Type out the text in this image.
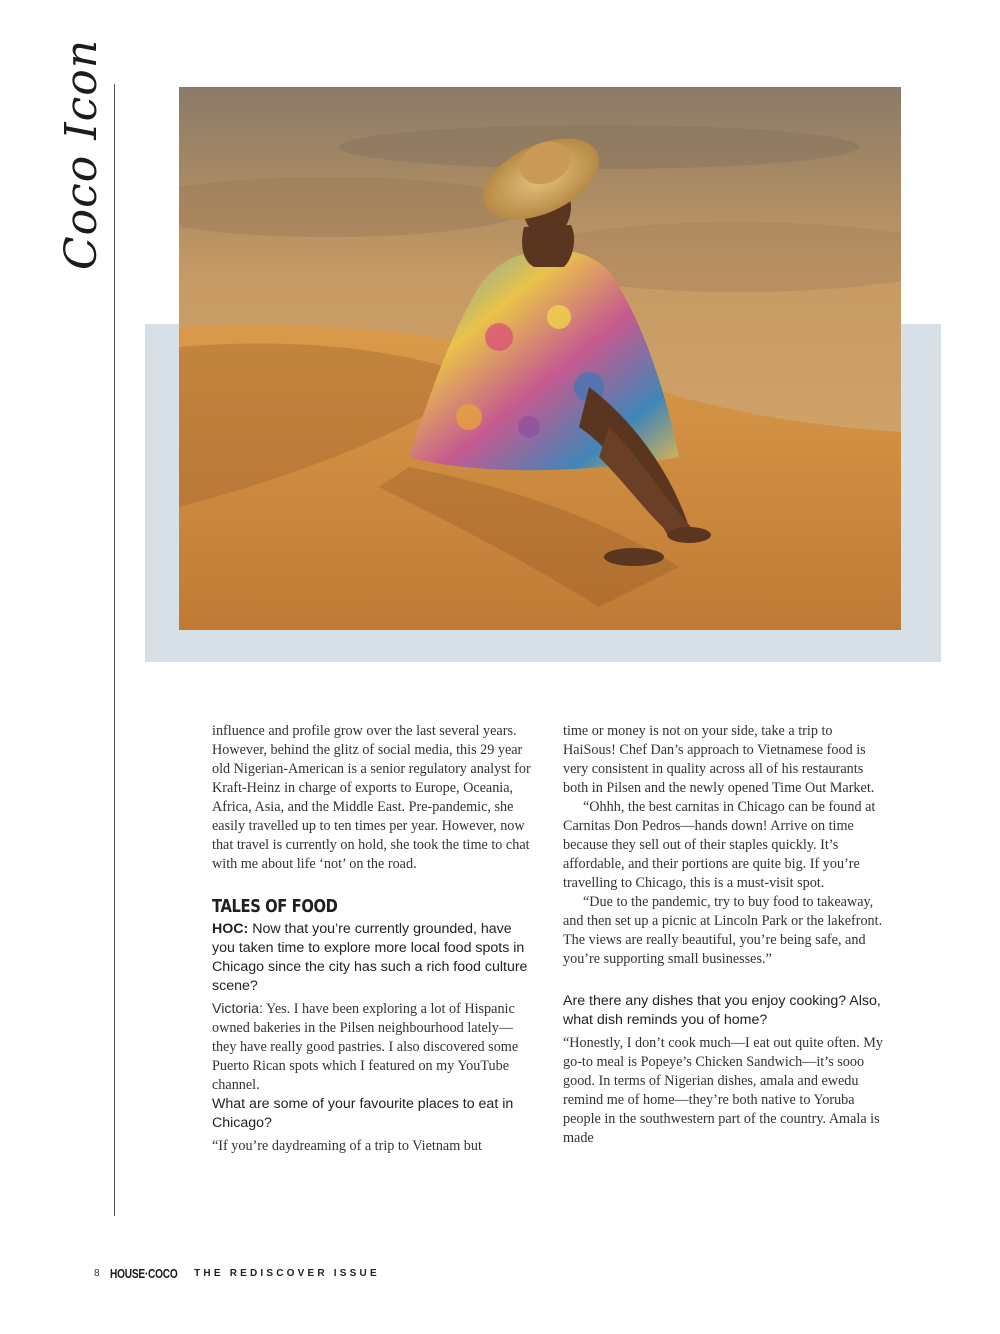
Coco Icon

influence and profile grow over the last several years. However, behind the glitz of social media, this 29 year old Nigerian-American is a senior regulatory analyst for Kraft-Heinz in charge of exports to Europe, Oceania, Africa, Asia, and the Middle East. Pre-pandemic, she easily travelled up to ten times per year. However, now that travel is currently on hold, she took the time to chat with me about life ‘not’ on the road.

TALES OF FOOD

HOC: Now that you’re currently grounded, have you taken time to explore more local food spots in Chicago since the city has such a rich food culture scene?

Victoria: Yes. I have been exploring a lot of Hispanic owned bakeries in the Pilsen neighbourhood lately—they have really good pastries. I also discovered some Puerto Rican spots which I featured on my YouTube channel.

What are some of your favourite places to eat in Chicago?

“If you’re daydreaming of a trip to Vietnam but

time or money is not on your side, take a trip to HaiSous! Chef Dan’s approach to Vietnamese food is very consistent in quality across all of his restaurants both in Pilsen and the newly opened Time Out Market.

“Ohhh, the best carnitas in Chicago can be found at Carnitas Don Pedros—hands down! Arrive on time because they sell out of their staples quickly. It’s affordable, and their portions are quite big. If you’re travelling to Chicago, this is a must-visit spot.

“Due to the pandemic, try to buy food to takeaway, and then set up a picnic at Lincoln Park or the lakefront. The views are really beautiful, you’re being safe, and you’re supporting small businesses.”

Are there any dishes that you enjoy cooking? Also, what dish reminds you of home?

“Honestly, I don’t cook much—I eat out quite often. My go-to meal is Popeye’s Chicken Sandwich—it’s sooo good. In terms of Nigerian dishes, amala and ewedu remind me of home—they’re both native to Yoruba people in the southwestern part of the country. Amala is made

8 HOUSE·COCO THE REDISCOVER ISSUE
